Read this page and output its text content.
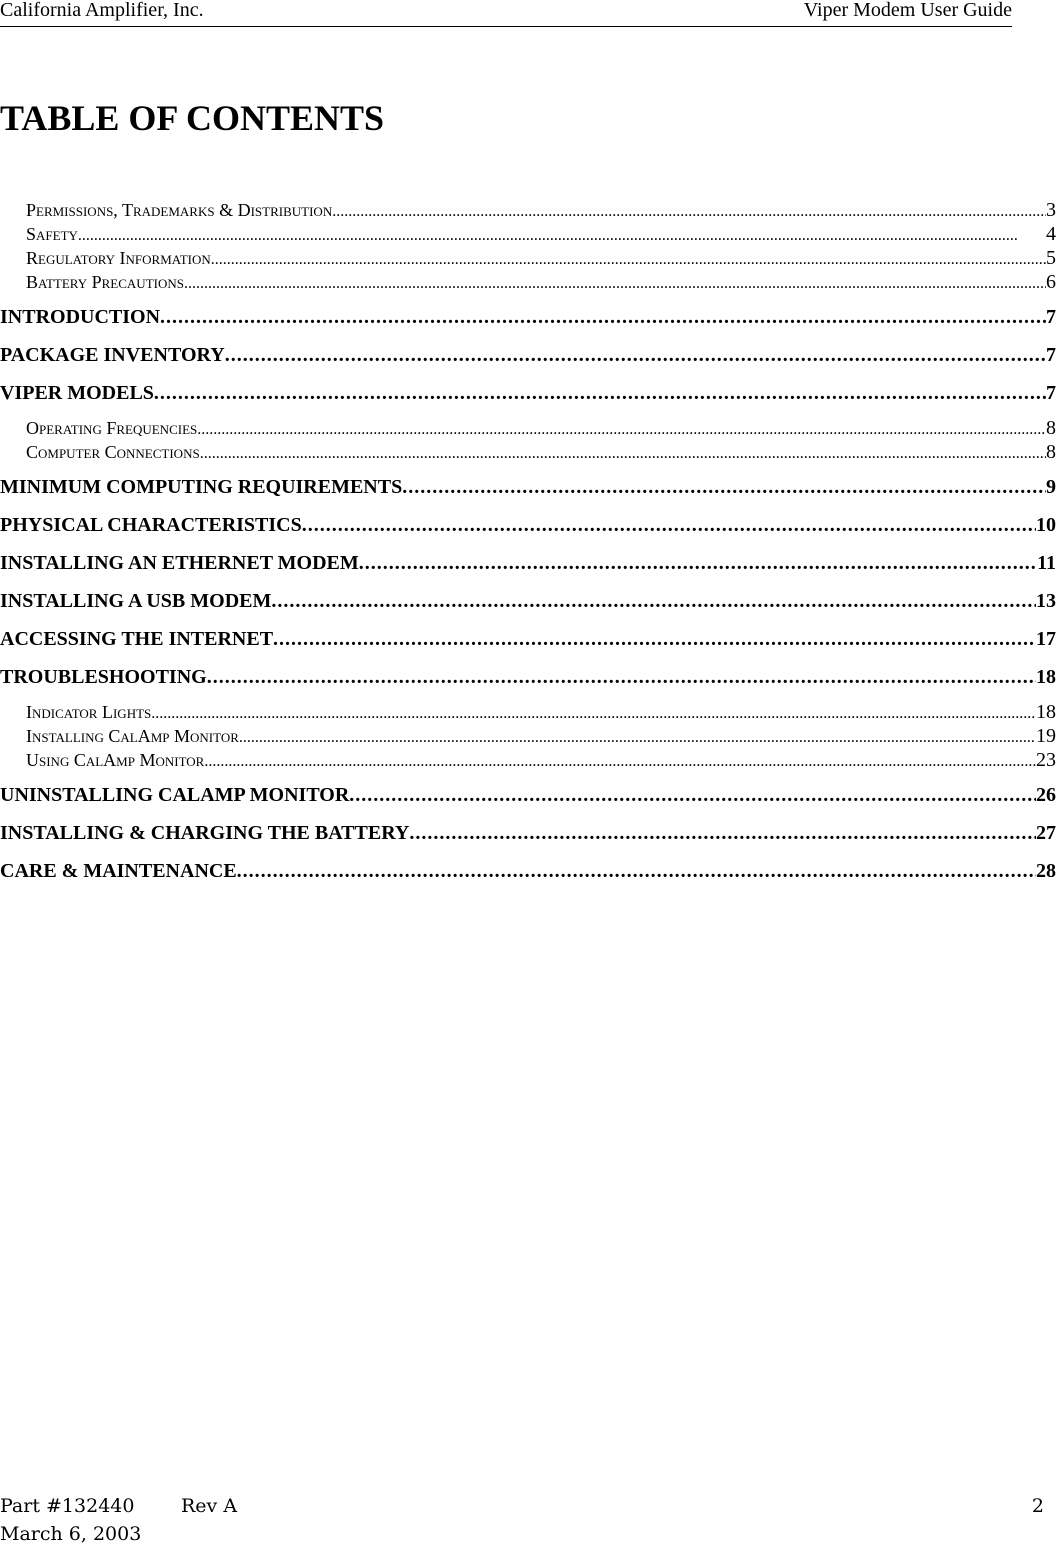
California Amplifier, Inc.	Viper Modem User Guide
TABLE OF CONTENTS
Permissions, Trademarks & Distribution . . .	3
Safety . . .	4
Regulatory Information . . .	5
Battery Precautions . . .	6
INTRODUCTION . . .	7
PACKAGE INVENTORY . . .	7
VIPER MODELS . . .	7
Operating Frequencies . . .	8
Computer Connections . . .	8
MINIMUM COMPUTING REQUIREMENTS . . .	9
PHYSICAL CHARACTERISTICS . . .	10
INSTALLING AN ETHERNET MODEM . . .	11
INSTALLING A USB MODEM . . .	13
ACCESSING THE INTERNET . . .	17
TROUBLESHOOTING . . .	18
Indicator Lights . . .	18
Installing CalAmp Monitor . . .	19
Using CalAmp Monitor . . .	23
UNINSTALLING CALAMP MONITOR . . .	26
INSTALLING & CHARGING THE BATTERY . . .	27
CARE & MAINTENANCE . . .	28
Part #132440 Rev A	2
March 6, 2003
